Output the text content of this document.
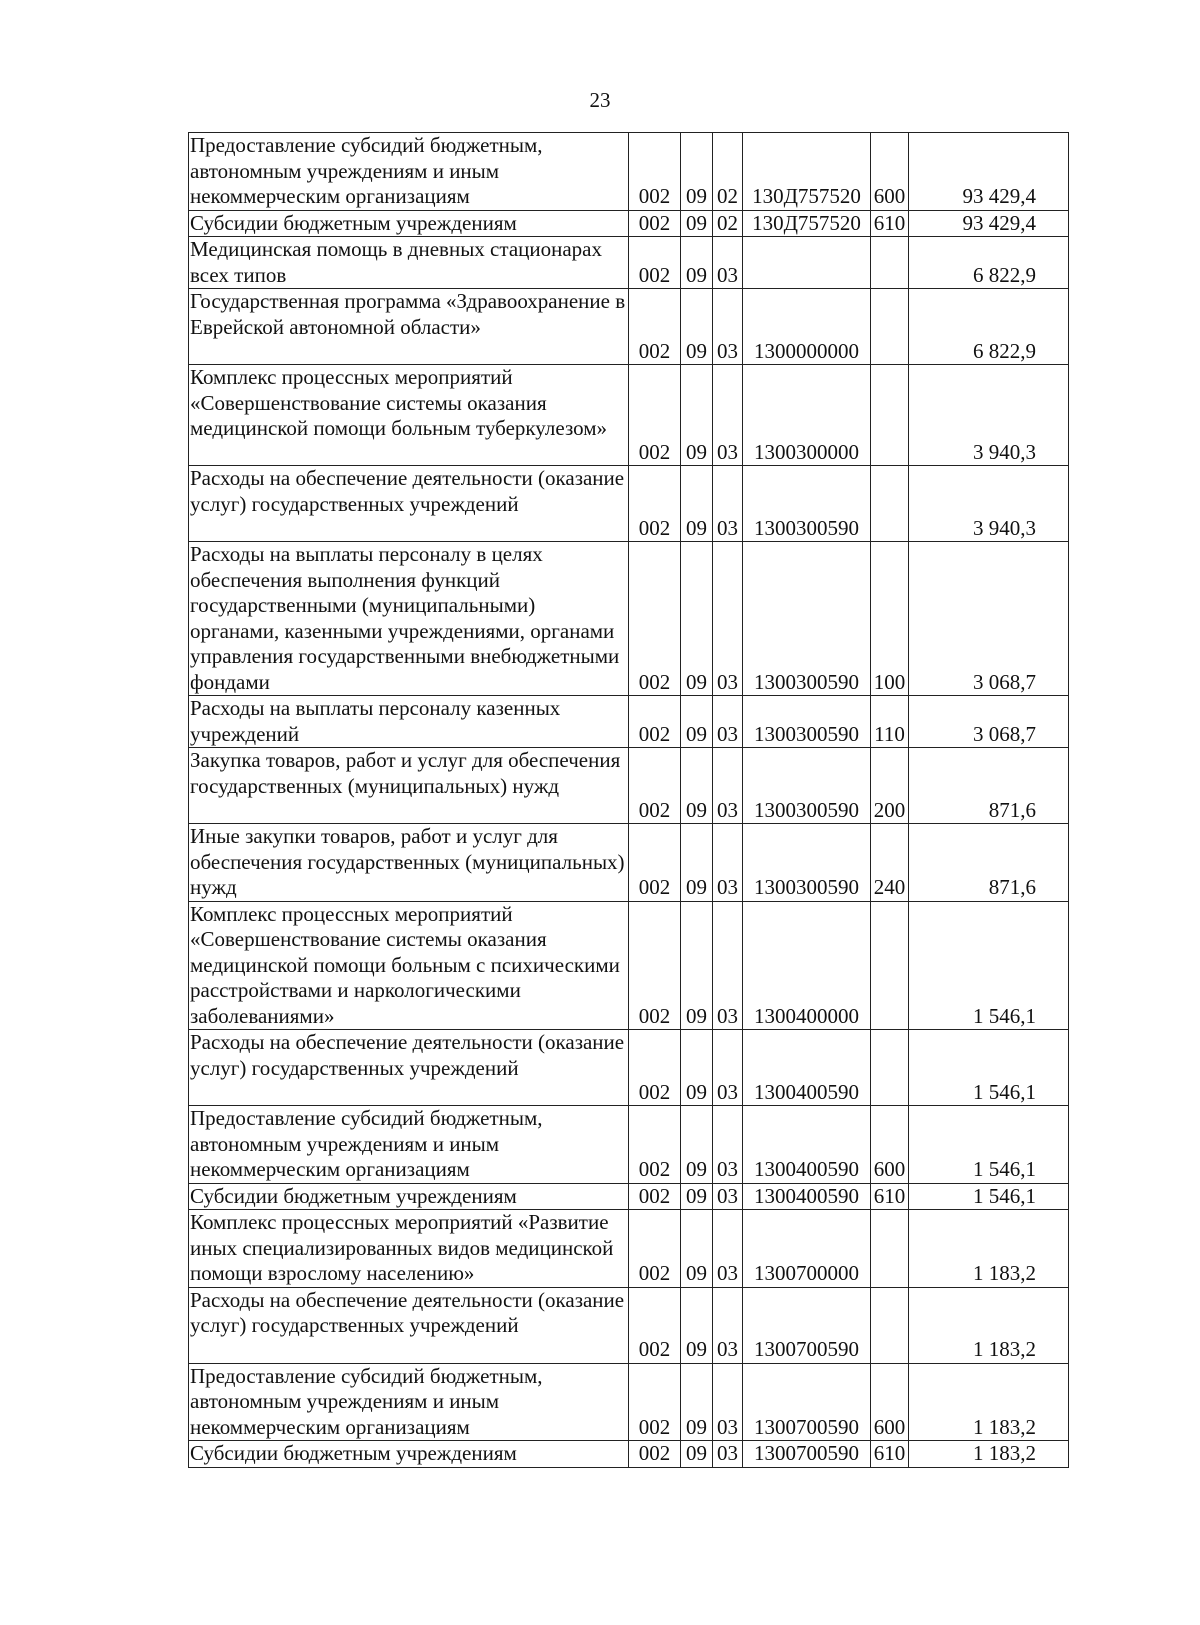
23
Предоставление субсидий бюджетным, автономным учреждениям и иным некоммерческим организациям	002	09	02	130Д757520	600	93 429,4
Субсидии бюджетным учреждениям	002	09	02	130Д757520	610	93 429,4
Медицинская помощь в дневных стационарах всех типов	002	09	03			6 822,9
Государственная программа «Здравоохранение в Еврейской автономной области»	002	09	03	1300000000		6 822,9
Комплекс процессных мероприятий «Совершенствование системы оказания медицинской помощи больным туберкулезом»	002	09	03	1300300000		3 940,3
Расходы на обеспечение деятельности (оказание услуг) государственных учреждений	002	09	03	1300300590		3 940,3
Расходы на выплаты персоналу в целях обеспечения выполнения функций государственными (муниципальными) органами, казенными учреждениями, органами управления государственными внебюджетными фондами	002	09	03	1300300590	100	3 068,7
Расходы на выплаты персоналу казенных учреждений	002	09	03	1300300590	110	3 068,7
Закупка товаров, работ и услуг для обеспечения государственных (муниципальных) нужд	002	09	03	1300300590	200	871,6
Иные закупки товаров, работ и услуг для обеспечения государственных (муниципальных) нужд	002	09	03	1300300590	240	871,6
Комплекс процессных мероприятий «Совершенствование системы оказания медицинской помощи больным с психическими расстройствами и наркологическими заболеваниями»	002	09	03	1300400000		1 546,1
Расходы на обеспечение деятельности (оказание услуг) государственных учреждений	002	09	03	1300400590		1 546,1
Предоставление субсидий бюджетным, автономным учреждениям и иным некоммерческим организациям	002	09	03	1300400590	600	1 546,1
Субсидии бюджетным учреждениям	002	09	03	1300400590	610	1 546,1
Комплекс процессных мероприятий «Развитие иных специализированных видов медицинской помощи взрослому населению»	002	09	03	1300700000		1 183,2
Расходы на обеспечение деятельности (оказание услуг) государственных учреждений	002	09	03	1300700590		1 183,2
Предоставление субсидий бюджетным, автономным учреждениям и иным некоммерческим организациям	002	09	03	1300700590	600	1 183,2
Субсидии бюджетным учреждениям	002	09	03	1300700590	610	1 183,2
